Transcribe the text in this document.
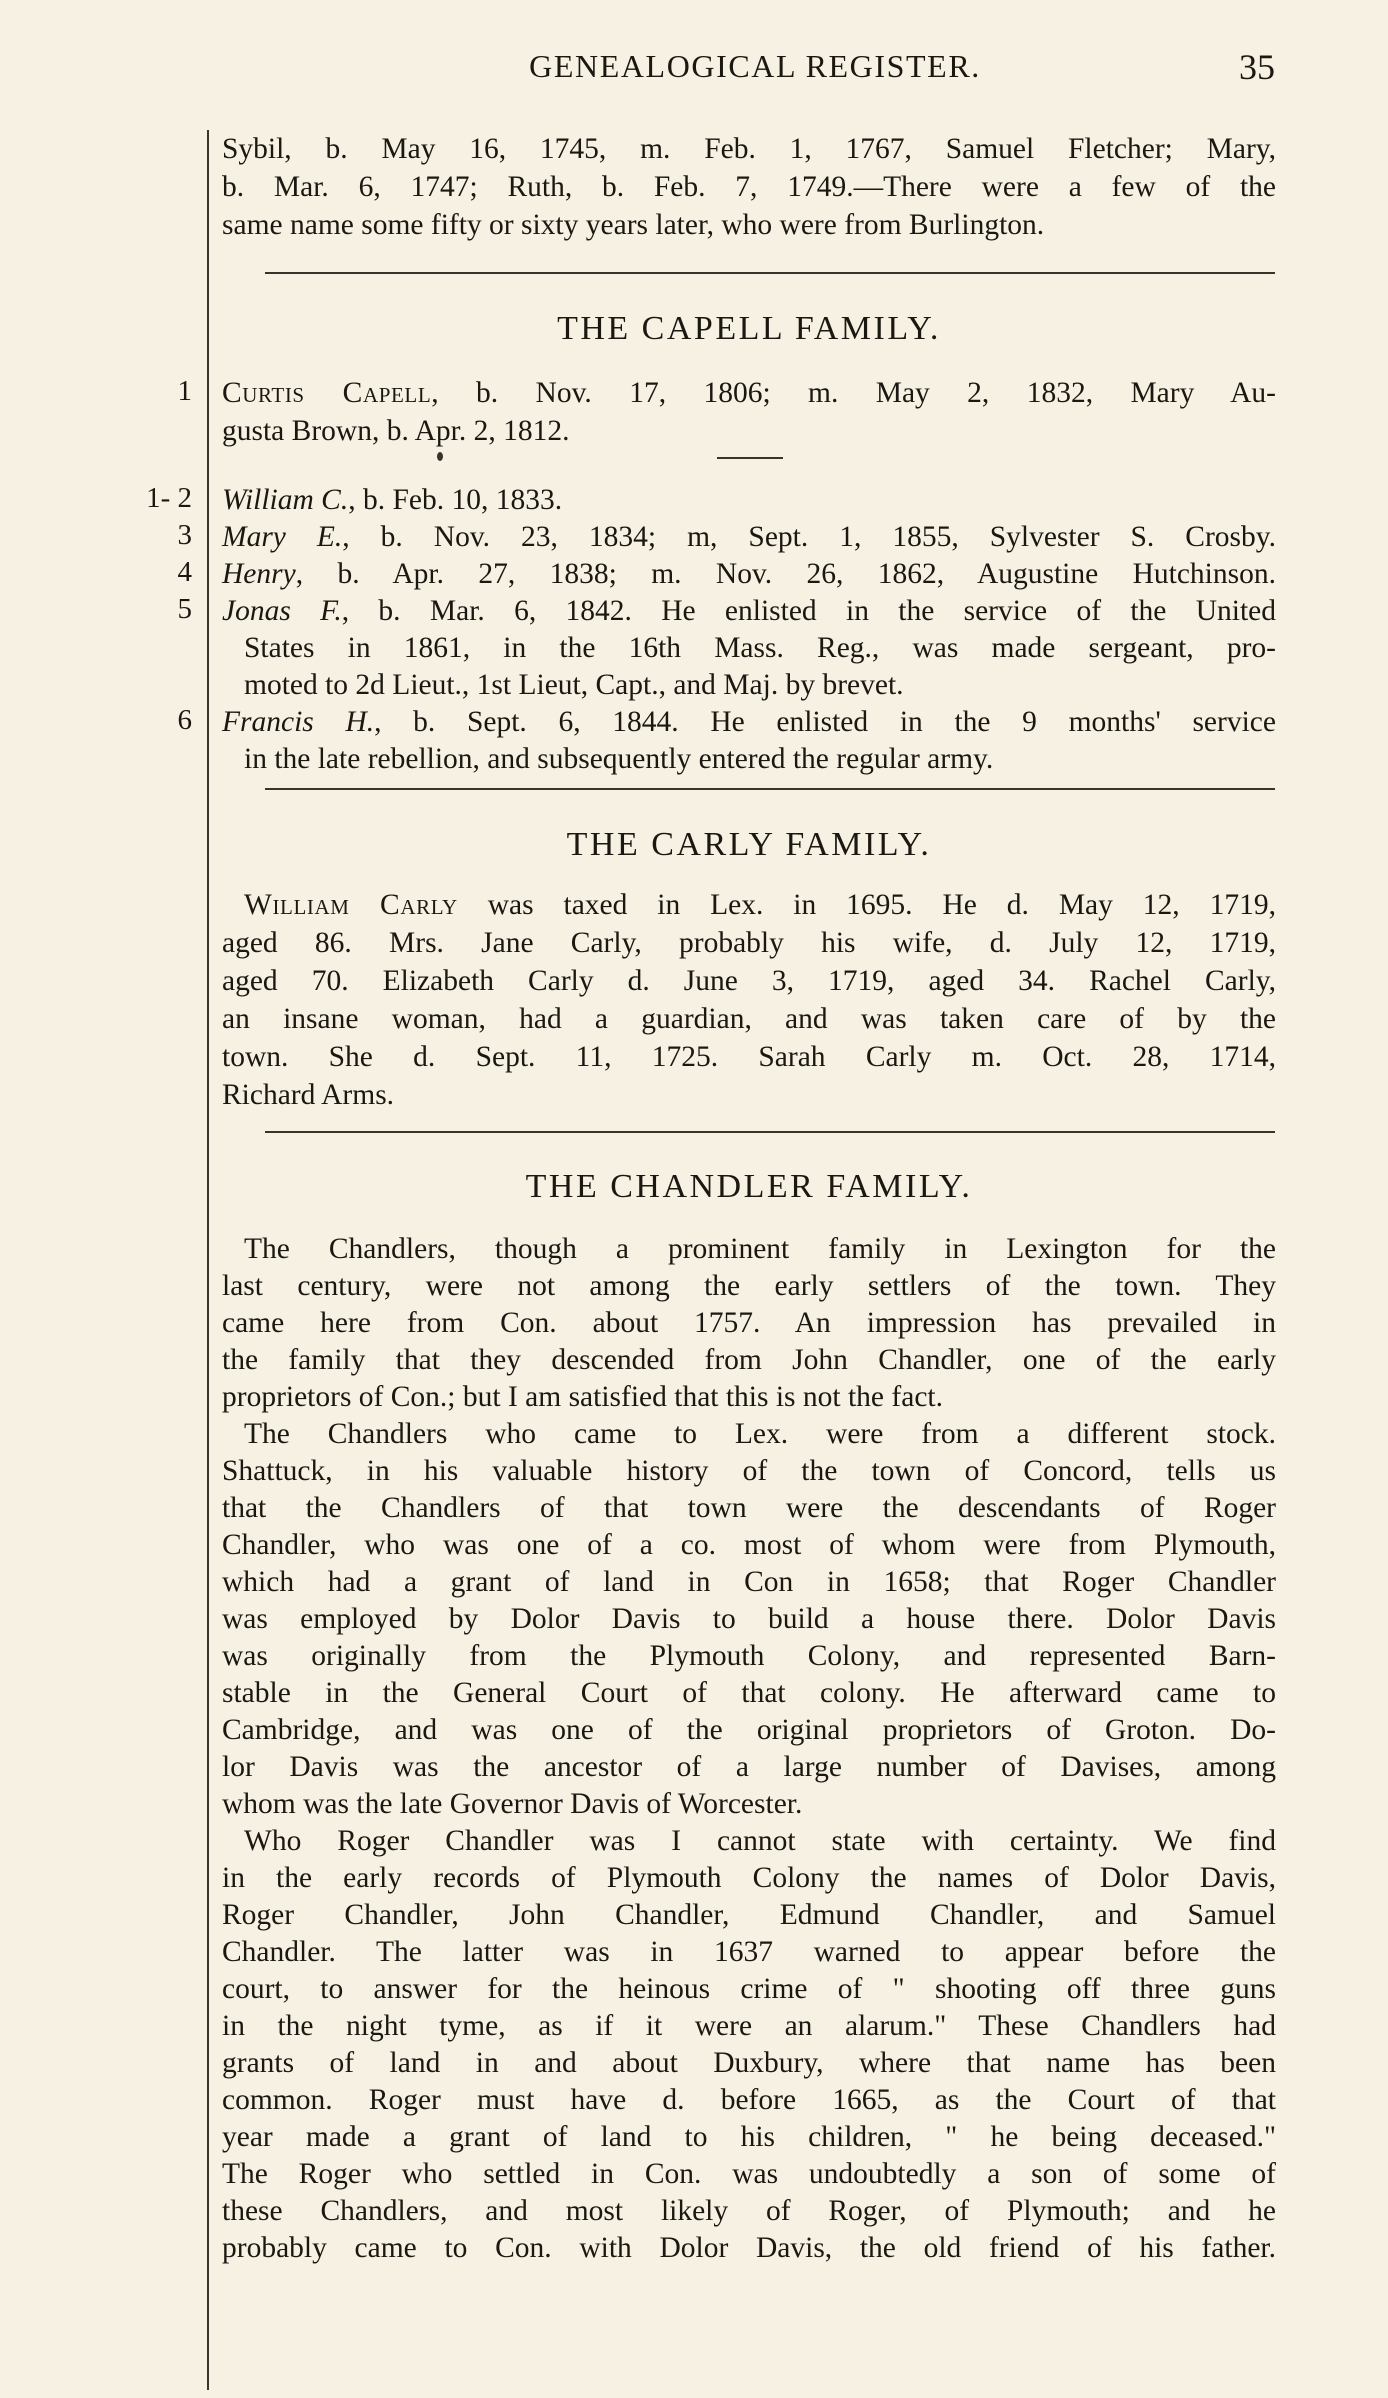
GENEALOGICAL REGISTER.	35
Sybil, b. May 16, 1745, m. Feb. 1, 1767, Samuel Fletcher; Mary,
b. Mar. 6, 1747; Ruth, b. Feb. 7, 1749.—There were a few of the
same name some fifty or sixty years later, who were from Burlington.
THE CAPELL FAMILY.
1 Curtis Capell, b. Nov. 17, 1806; m. May 2, 1832, Mary Au-
gusta Brown, b. Apr. 2, 1812.
1- 2 William C., b. Feb. 10, 1833.
3 Mary E., b. Nov. 23, 1834; m, Sept. 1, 1855, Sylvester S. Crosby.
4 Henry, b. Apr. 27, 1838; m. Nov. 26, 1862, Augustine Hutchinson.
5 Jonas F., b. Mar. 6, 1842. He enlisted in the service of the United
States in 1861, in the 16th Mass. Reg., was made sergeant, pro-
moted to 2d Lieut., 1st Lieut, Capt., and Maj. by brevet.
6 Francis H., b. Sept. 6, 1844. He enlisted in the 9 months' service
in the late rebellion, and subsequently entered the regular army.
THE CARLY FAMILY.
William Carly was taxed in Lex. in 1695. He d. May 12, 1719,
aged 86. Mrs. Jane Carly, probably his wife, d. July 12, 1719,
aged 70. Elizabeth Carly d. June 3, 1719, aged 34. Rachel Carly,
an insane woman, had a guardian, and was taken care of by the
town. She d. Sept. 11, 1725. Sarah Carly m. Oct. 28, 1714,
Richard Arms.
THE CHANDLER FAMILY.
The Chandlers, though a prominent family in Lexington for the
last century, were not among the early settlers of the town. They
came here from Con. about 1757. An impression has prevailed in
the family that they descended from John Chandler, one of the early
proprietors of Con.; but I am satisfied that this is not the fact.
The Chandlers who came to Lex. were from a different stock.
Shattuck, in his valuable history of the town of Concord, tells us
that the Chandlers of that town were the descendants of Roger
Chandler, who was one of a co. most of whom were from Plymouth,
which had a grant of land in Con in 1658; that Roger Chandler
was employed by Dolor Davis to build a house there. Dolor Davis
was originally from the Plymouth Colony, and represented Barn-
stable in the General Court of that colony. He afterward came to
Cambridge, and was one of the original proprietors of Groton. Do-
lor Davis was the ancestor of a large number of Davises, among
whom was the late Governor Davis of Worcester.
Who Roger Chandler was I cannot state with certainty. We find
in the early records of Plymouth Colony the names of Dolor Davis,
Roger Chandler, John Chandler, Edmund Chandler, and Samuel
Chandler. The latter was in 1637 warned to appear before the
court, to answer for the heinous crime of " shooting off three guns
in the night tyme, as if it were an alarum." These Chandlers had
grants of land in and about Duxbury, where that name has been
common. Roger must have d. before 1665, as the Court of that
year made a grant of land to his children, " he being deceased."
The Roger who settled in Con. was undoubtedly a son of some of
these Chandlers, and most likely of Roger, of Plymouth; and he
probably came to Con. with Dolor Davis, the old friend of his father.
